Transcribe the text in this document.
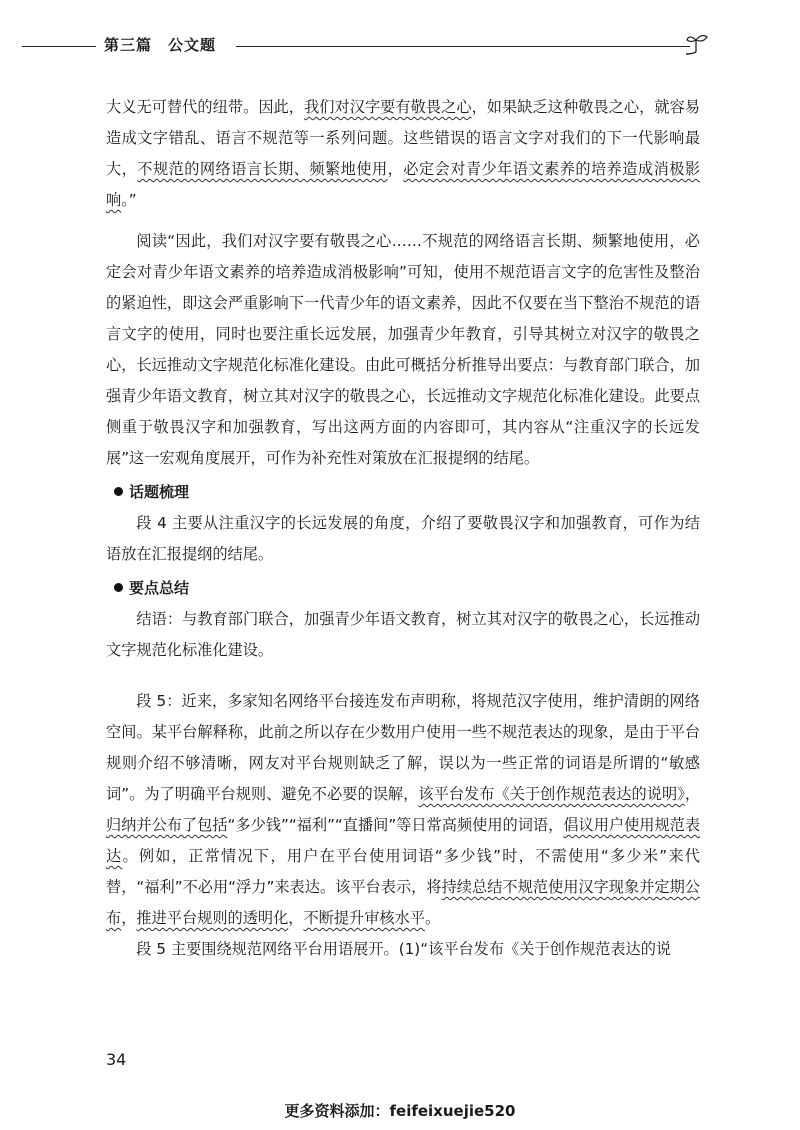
第三篇 公文题

大义无可替代的纽带。因此，我们对汉字要有敬畏之心，如果缺乏这种敬畏之心，就容易造成文字错乱、语言不规范等一系列问题。这些错误的语言文字对我们的下一代影响最大，不规范的网络语言长期、频繁地使用，必定会对青少年语文素养的培养造成消极影响。”

阅读“因此，我们对汉字要有敬畏之心……不规范的网络语言长期、频繁地使用，必定会对青少年语文素养的培养造成消极影响”可知，使用不规范语言文字的危害性及整治的紧迫性，即这会严重影响下一代青少年的语文素养，因此不仅要在当下整治不规范的语言文字的使用，同时也要注重长远发展，加强青少年教育，引导其树立对汉字的敬畏之心，长远推动文字规范化标准化建设。由此可概括分析推导出要点：与教育部门联合，加强青少年语文教育，树立其对汉字的敬畏之心，长远推动文字规范化标准化建设。此要点侧重于敬畏汉字和加强教育，写出这两方面的内容即可，其内容从“注重汉字的长远发展”这一宏观角度展开，可作为补充性对策放在汇报提纲的结尾。

话题梳理

段 4 主要从注重汉字的长远发展的角度，介绍了要敬畏汉字和加强教育，可作为结语放在汇报提纲的结尾。

要点总结

结语：与教育部门联合，加强青少年语文教育，树立其对汉字的敬畏之心，长远推动文字规范化标准化建设。

段 5：近来，多家知名网络平台接连发布声明称，将规范汉字使用，维护清朗的网络空间。某平台解释称，此前之所以存在少数用户使用一些不规范表达的现象，是由于平台规则介绍不够清晰，网友对平台规则缺乏了解，误以为一些正常的词语是所谓的“敏感词”。为了明确平台规则、避免不必要的误解，该平台发布《关于创作规范表达的说明》，归纳并公布了包括“多少钱”“福利”“直播间”等日常高频使用的词语，倡议用户使用规范表达。例如，正常情况下，用户在平台使用词语“多少钱”时，不需使用“多少米”来代替，“福利”不必用“浮力”来表达。该平台表示，将持续总结不规范使用汉字现象并定期公布，推进平台规则的透明化，不断提升审核水平。

段 5 主要围绕规范网络平台用语展开。(1)“该平台发布《关于创作规范表达的说

34
更多资料添加：feifeixuejie520
